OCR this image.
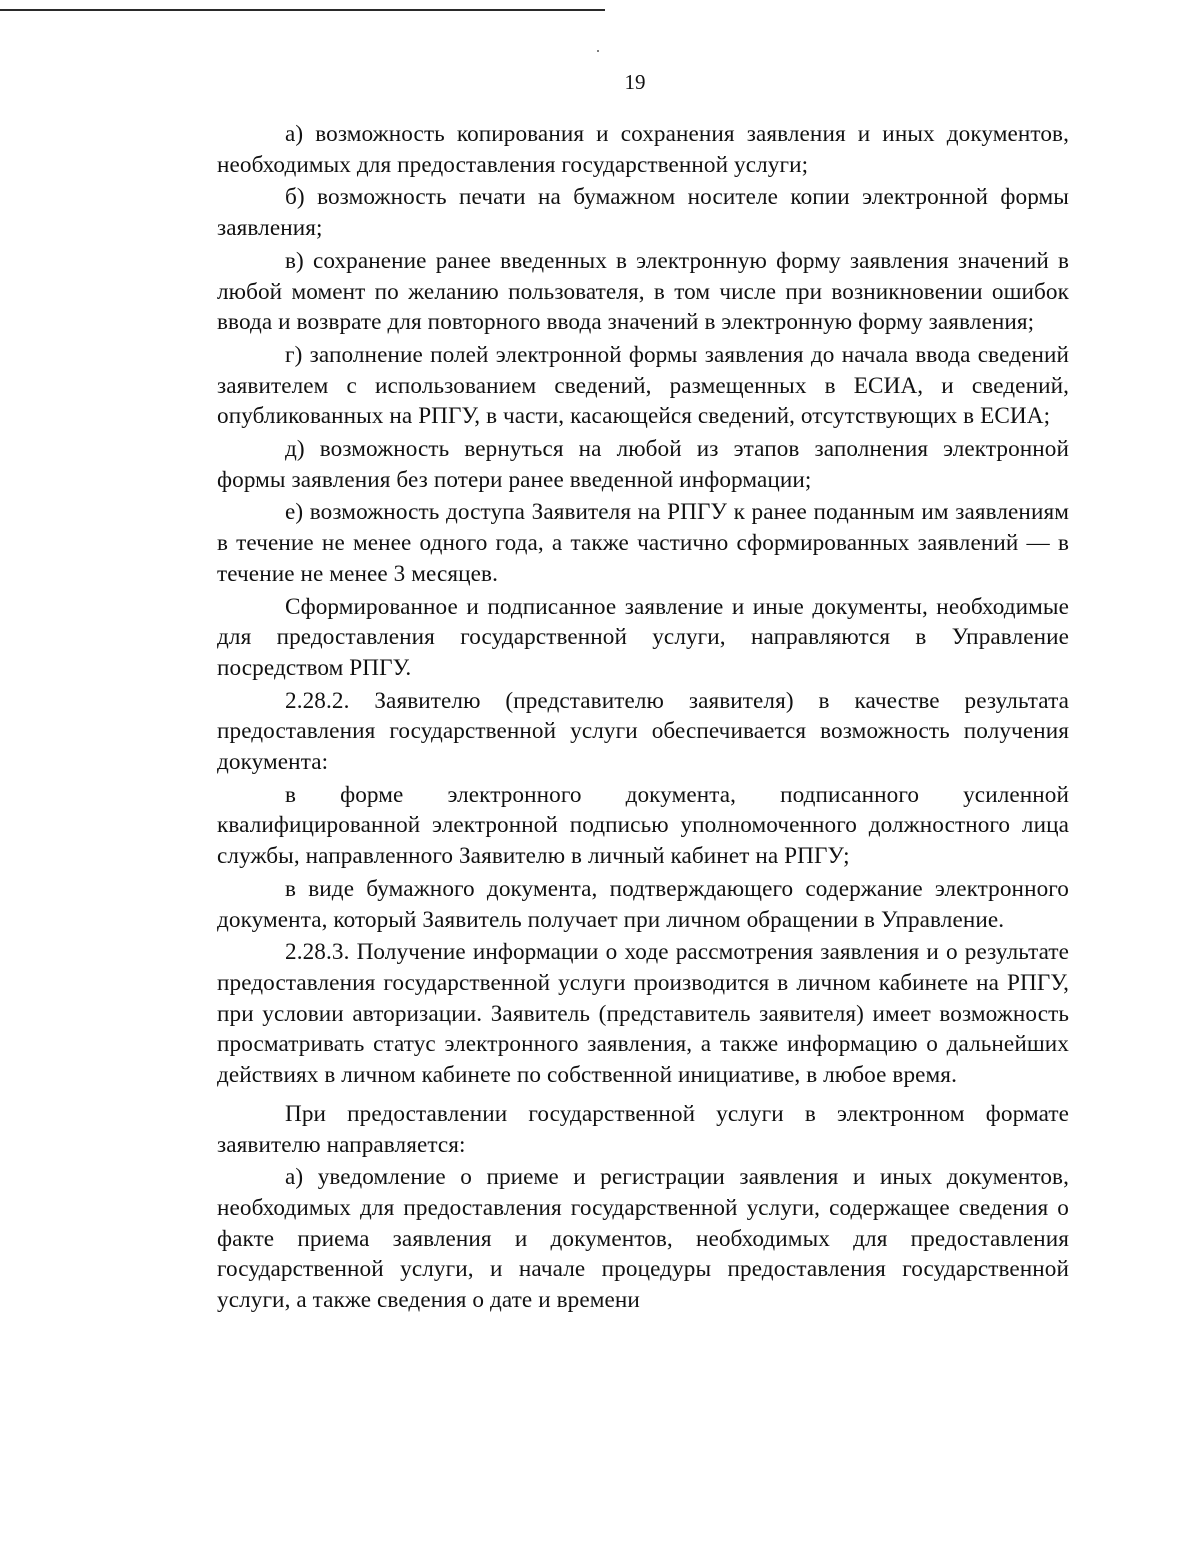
19

а) возможность копирования и сохранения заявления и иных документов, необходимых для предоставления государственной услуги;

б) возможность печати на бумажном носителе копии электронной формы заявления;

в) сохранение ранее введенных в электронную форму заявления значений в любой момент по желанию пользователя, в том числе при возникновении ошибок ввода и возврате для повторного ввода значений в электронную форму заявления;

г) заполнение полей электронной формы заявления до начала ввода сведений заявителем с использованием сведений, размещенных в ЕСИА, и сведений, опубликованных на РПГУ, в части, касающейся сведений, отсутствующих в ЕСИА;

д) возможность вернуться на любой из этапов заполнения электронной формы заявления без потери ранее введенной информации;

е) возможность доступа Заявителя на РПГУ к ранее поданным им заявлениям в течение не менее одного года, а также частично сформированных заявлений — в течение не менее 3 месяцев.

Сформированное и подписанное заявление и иные документы, необходимые для предоставления государственной услуги, направляются в Управление посредством РПГУ.

2.28.2. Заявителю (представителю заявителя) в качестве результата предоставления государственной услуги обеспечивается возможность получения документа:

в форме электронного документа, подписанного усиленной квалифицированной электронной подписью уполномоченного должностного лица службы, направленного Заявителю в личный кабинет на РПГУ;

в виде бумажного документа, подтверждающего содержание электронного документа, который Заявитель получает при личном обращении в Управление.

2.28.3. Получение информации о ходе рассмотрения заявления и о результате предоставления государственной услуги производится в личном кабинете на РПГУ, при условии авторизации. Заявитель (представитель заявителя) имеет возможность просматривать статус электронного заявления, а также информацию о дальнейших действиях в личном кабинете по собственной инициативе, в любое время.

При предоставлении государственной услуги в электронном формате заявителю направляется:

а) уведомление о приеме и регистрации заявления и иных документов, необходимых для предоставления государственной услуги, содержащее сведения о факте приема заявления и документов, необходимых для предоставления государственной услуги, и начале процедуры предоставления государственной услуги, а также сведения о дате и времени
